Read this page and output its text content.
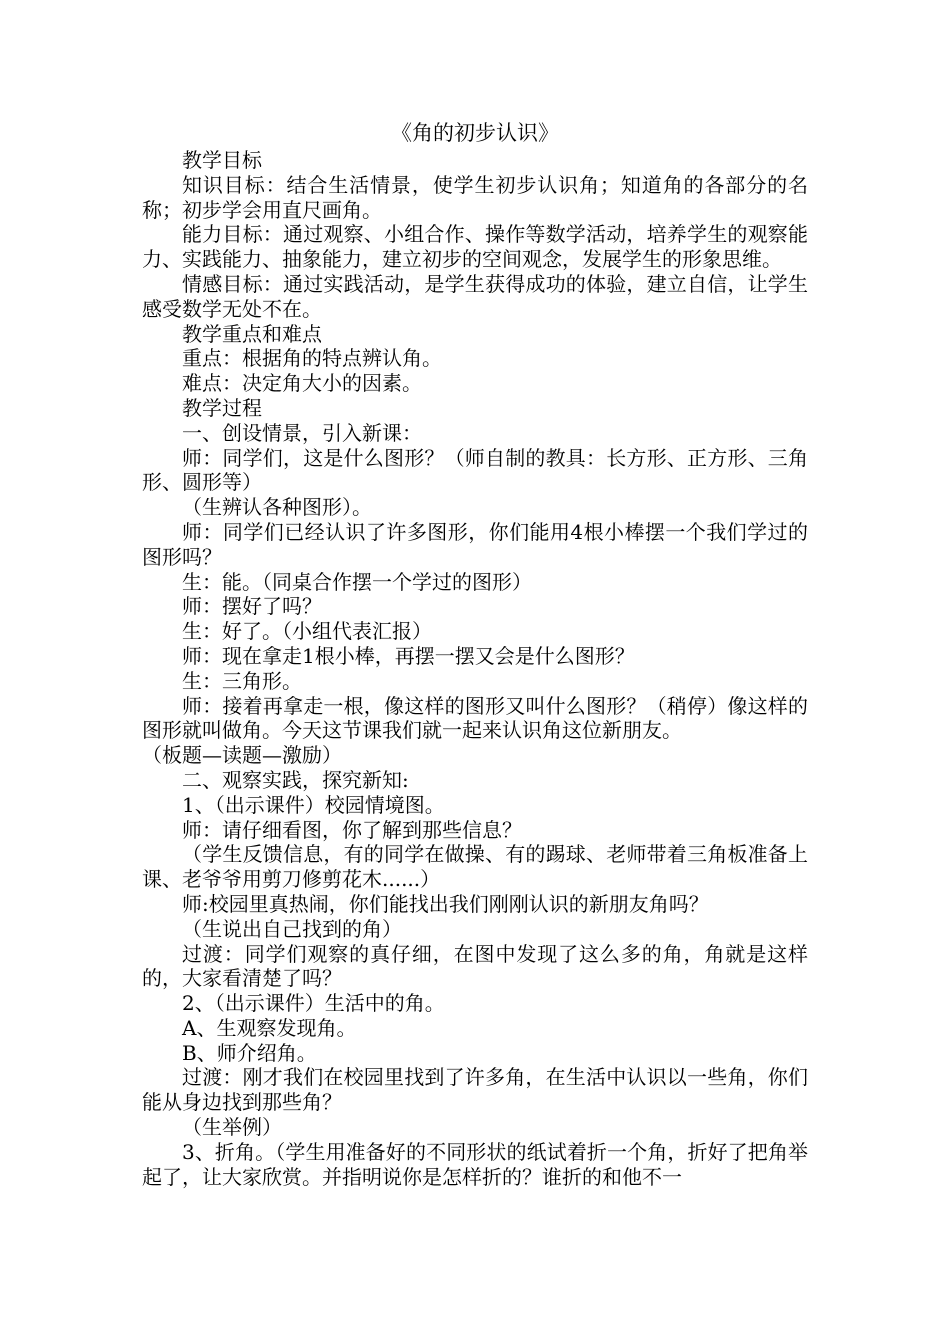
《角的初步认识》

教学目标

知识目标：结合生活情景，使学生初步认识角；知道角的各部分的名称；初步学会用直尺画角。

能力目标：通过观察、小组合作、操作等数学活动，培养学生的观察能力、实践能力、抽象能力，建立初步的空间观念，发展学生的形象思维。

情感目标：通过实践活动，是学生获得成功的体验，建立自信，让学生感受数学无处不在。

教学重点和难点

重点：根据角的特点辨认角。

难点：决定角大小的因素。

教学过程

一、创设情景，引入新课：

师：同学们，这是什么图形？（师自制的教具：长方形、正方形、三角形、圆形等）

（生辨认各种图形）。

师：同学们已经认识了许多图形，你们能用4根小棒摆一个我们学过的图形吗？

生：能。（同桌合作摆一个学过的图形）

师：摆好了吗？

生：好了。（小组代表汇报）

师：现在拿走1根小棒，再摆一摆又会是什么图形？

生：三角形。

师：接着再拿走一根，像这样的图形又叫什么图形？（稍停）像这样的图形就叫做角。今天这节课我们就一起来认识角这位新朋友。

（板题—读题—激励）

二、观察实践，探究新知:

1、（出示课件）校园情境图。

师：请仔细看图，你了解到那些信息？

（学生反馈信息，有的同学在做操、有的踢球、老师带着三角板准备上课、老爷爷用剪刀修剪花木......）

师:校园里真热闹，你们能找出我们刚刚认识的新朋友角吗？

（生说出自己找到的角）

过渡：同学们观察的真仔细，在图中发现了这么多的角，角就是这样的，大家看清楚了吗？

2、（出示课件）生活中的角。

A、生观察发现角。

B、师介绍角。

过渡：刚才我们在校园里找到了许多角，在生活中认识以一些角，你们能从身边找到那些角？

（生举例）

3、折角。（学生用准备好的不同形状的纸试着折一个角，折好了把角举起了，让大家欣赏。并指明说你是怎样折的？谁折的和他不一
